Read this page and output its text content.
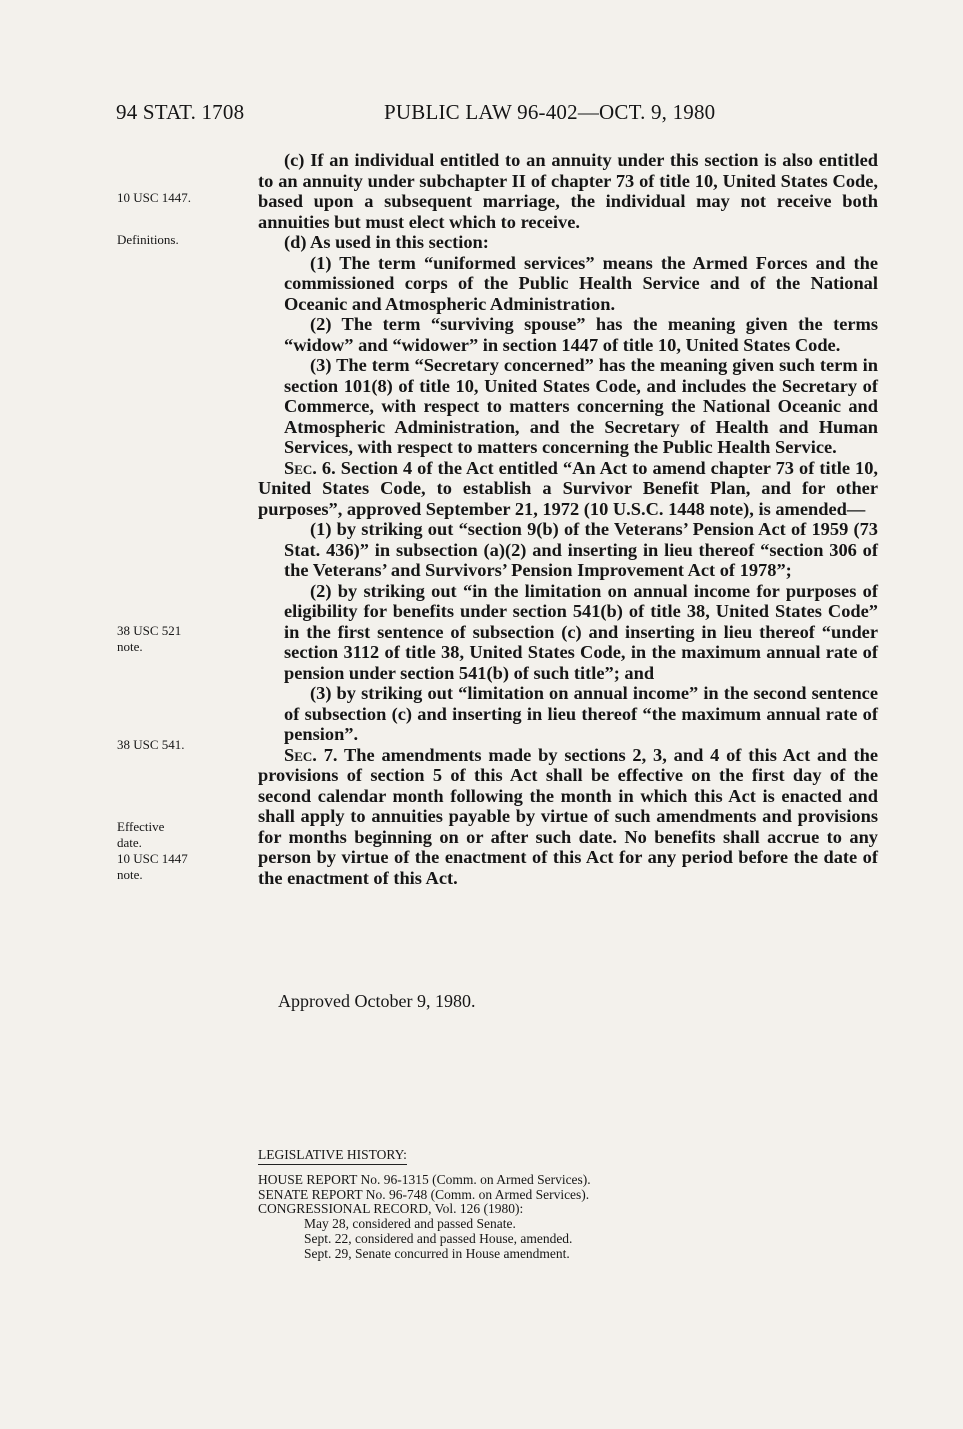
94 STAT. 1708	PUBLIC LAW 96-402—OCT. 9, 1980
10 USC 1447.
Definitions.
38 USC 521
note.
38 USC 541.
Effective
date.
10 USC 1447
note.

(c) If an individual entitled to an annuity under this section is also entitled to an annuity under subchapter II of chapter 73 of title 10, United States Code, based upon a subsequent marriage, the individual may not receive both annuities but must elect which to receive.

(d) As used in this section:

(1) The term “uniformed services” means the Armed Forces and the commissioned corps of the Public Health Service and of the National Oceanic and Atmospheric Administration.

(2) The term “surviving spouse” has the meaning given the terms “widow” and “widower” in section 1447 of title 10, United States Code.

(3) The term “Secretary concerned” has the meaning given such term in section 101(8) of title 10, United States Code, and includes the Secretary of Commerce, with respect to matters concerning the National Oceanic and Atmospheric Administration, and the Secretary of Health and Human Services, with respect to matters concerning the Public Health Service.

Sec. 6. Section 4 of the Act entitled “An Act to amend chapter 73 of title 10, United States Code, to establish a Survivor Benefit Plan, and for other purposes”, approved September 21, 1972 (10 U.S.C. 1448 note), is amended—

(1) by striking out “section 9(b) of the Veterans’ Pension Act of 1959 (73 Stat. 436)” in subsection (a)(2) and inserting in lieu thereof “section 306 of the Veterans’ and Survivors’ Pension Improvement Act of 1978”;

(2) by striking out “in the limitation on annual income for purposes of eligibility for benefits under section 541(b) of title 38, United States Code” in the first sentence of subsection (c) and inserting in lieu thereof “under section 3112 of title 38, United States Code, in the maximum annual rate of pension under section 541(b) of such title”; and

(3) by striking out “limitation on annual income” in the second sentence of subsection (c) and inserting in lieu thereof “the maximum annual rate of pension”.

Sec. 7. The amendments made by sections 2, 3, and 4 of this Act and the provisions of section 5 of this Act shall be effective on the first day of the second calendar month following the month in which this Act is enacted and shall apply to annuities payable by virtue of such amendments and provisions for months beginning on or after such date. No benefits shall accrue to any person by virtue of the enactment of this Act for any period before the date of the enactment of this Act.

Approved October 9, 1980.
LEGISLATIVE HISTORY:
HOUSE REPORT No. 96-1315 (Comm. on Armed Services).
SENATE REPORT No. 96-748 (Comm. on Armed Services).
CONGRESSIONAL RECORD, Vol. 126 (1980):
May 28, considered and passed Senate.
Sept. 22, considered and passed House, amended.
Sept. 29, Senate concurred in House amendment.
